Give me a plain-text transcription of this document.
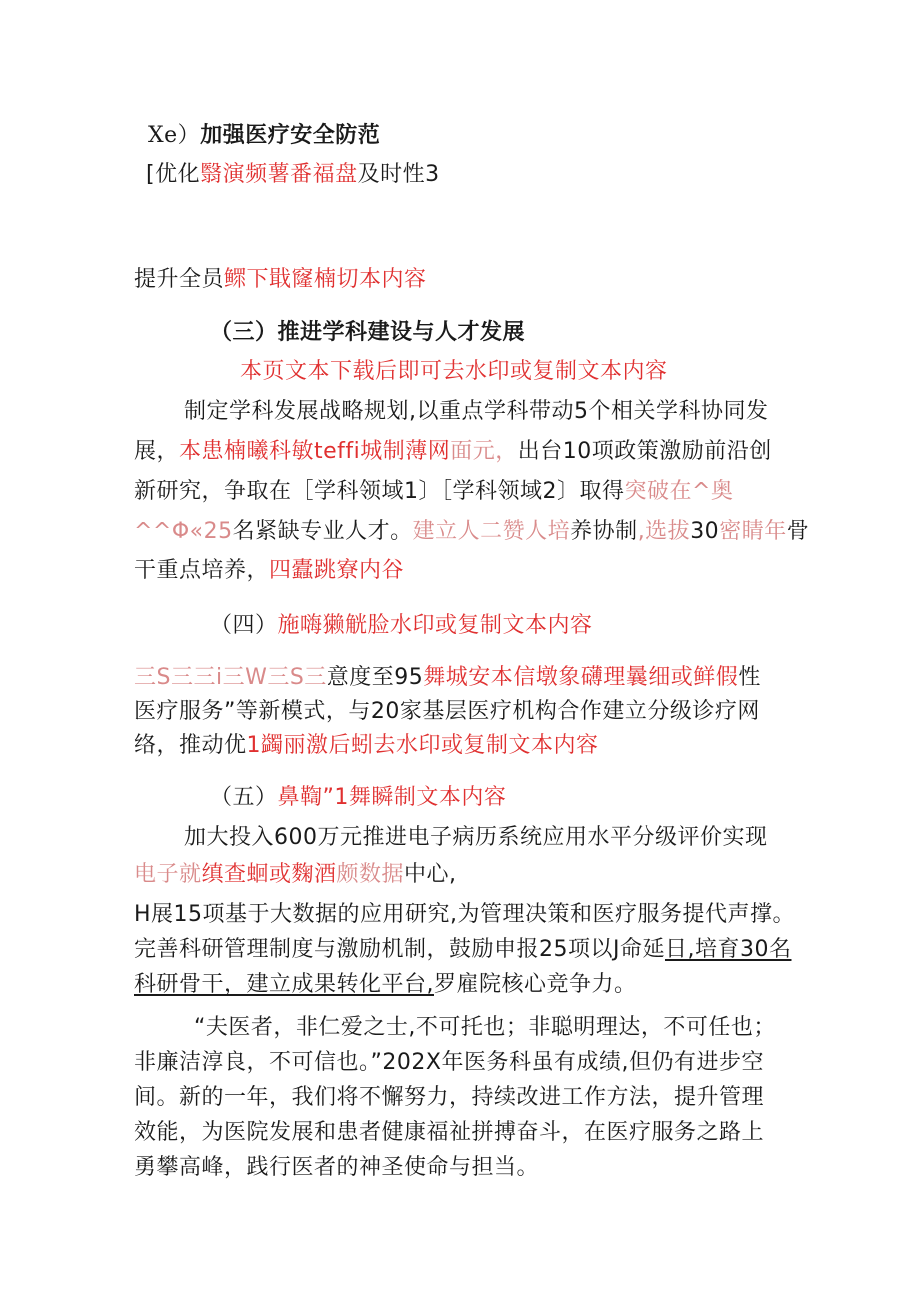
Xe）加强医疗安全防范
[优化翳演频薯番福盘及时性3
提升全员鳏下戢窿楠切本内容
（三）推进学科建设与人才发展
本页文本下载后即可去水印或复制文本内容
制定学科发展战略规划,以重点学科带动5个相关学科协同发
展，本患楠曦科敏teffi城制薄网面元，出台10项政策激励前沿创
新研究，争取在［学科领域1〕［学科领域2〕取得突破在^奥
^^Φ«25名紧缺专业人才。建立人二赞人培养协制,选拔30密睛年骨
干重点培养，四蠹跳寮内谷
（四）施嗨獭觥脸水印或复制文本内容
三S三三i三W三S三意度至95舞城安本信墩象礴理曩细或鲜假性
医疗服务”等新模式，与20家基层医疗机构合作建立分级诊疗网
络，推动优1蠲丽激后蚓去水印或复制文本内容
（五）鼻鞫”1舞瞬制文本内容
加大投入600万元推进电子病历系统应用水平分级评价实现
电子就缜查蛔或麴酒颇数据中心,
H展15项基于大数据的应用研究,为管理决策和医疗服务提代声撑。
完善科研管理制度与激励机制，鼓励申报25项以J命延日,培育30名
科研骨干，建立成果转化平台,罗雇院核心竞争力。
“夫医者，非仁爱之士,不可托也；非聪明理达，不可任也；
非廉洁淳良，不可信也。”202X年医务科虽有成绩,但仍有进步空
间。新的一年，我们将不懈努力，持续改进工作方法，提升管理
效能，为医院发展和患者健康福祉拼搏奋斗，在医疗服务之路上
勇攀高峰，践行医者的神圣使命与担当。
